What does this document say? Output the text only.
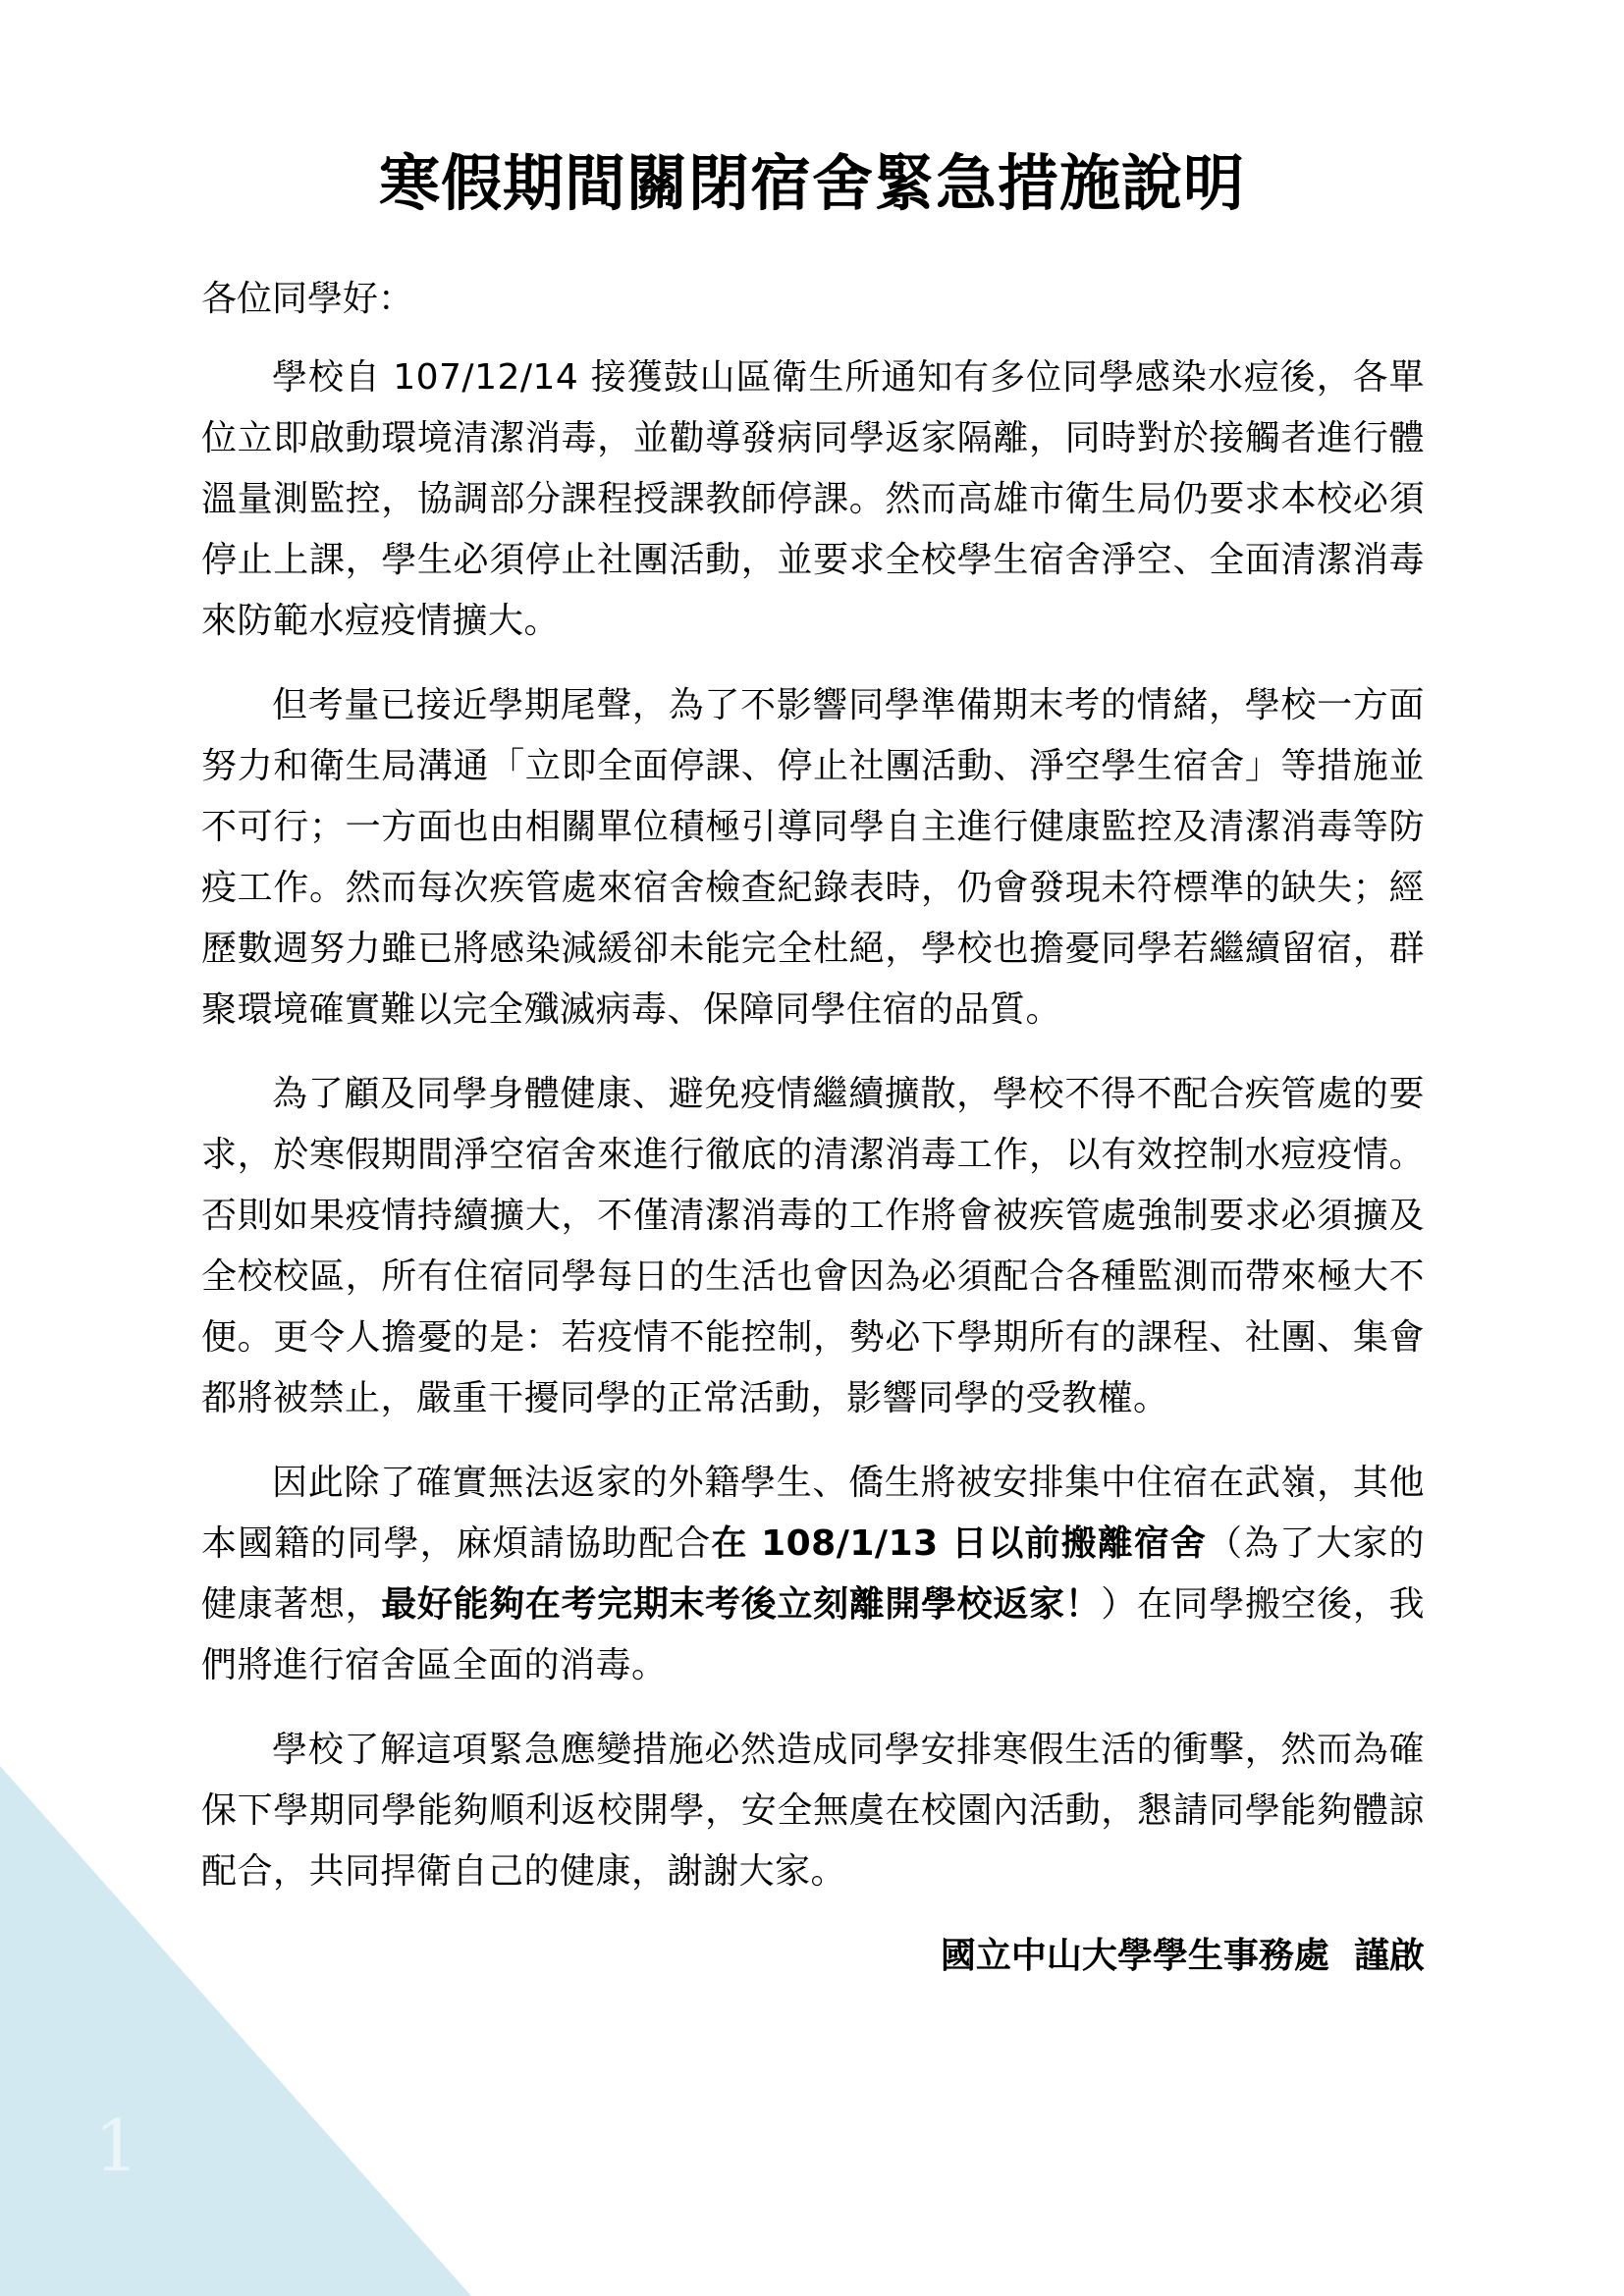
1
寒假期間關閉宿舍緊急措施說明

各位同學好：

學校自 107/12/14 接獲鼓山區衛生所通知有多位同學感染水痘後，各單位立即啟動環境清潔消毒，並勸導發病同學返家隔離，同時對於接觸者進行體溫量測監控，協調部分課程授課教師停課。然而高雄市衛生局仍要求本校必須停止上課，學生必須停止社團活動，並要求全校學生宿舍淨空、全面清潔消毒來防範水痘疫情擴大。

但考量已接近學期尾聲，為了不影響同學準備期末考的情緒，學校一方面努力和衛生局溝通「立即全面停課、停止社團活動、淨空學生宿舍」等措施並不可行；一方面也由相關單位積極引導同學自主進行健康監控及清潔消毒等防疫工作。然而每次疾管處來宿舍檢查紀錄表時，仍會發現未符標準的缺失；經歷數週努力雖已將感染減緩卻未能完全杜絕，學校也擔憂同學若繼續留宿，群聚環境確實難以完全殲滅病毒、保障同學住宿的品質。

為了顧及同學身體健康、避免疫情繼續擴散，學校不得不配合疾管處的要求，於寒假期間淨空宿舍來進行徹底的清潔消毒工作，以有效控制水痘疫情。否則如果疫情持續擴大，不僅清潔消毒的工作將會被疾管處強制要求必須擴及全校校區，所有住宿同學每日的生活也會因為必須配合各種監測而帶來極大不便。更令人擔憂的是：若疫情不能控制，勢必下學期所有的課程、社團、集會都將被禁止，嚴重干擾同學的正常活動，影響同學的受教權。

因此除了確實無法返家的外籍學生、僑生將被安排集中住宿在武嶺，其他本國籍的同學，麻煩請協助配合在 108/1/13 日以前搬離宿舍（為了大家的健康著想，最好能夠在考完期末考後立刻離開學校返家！）在同學搬空後，我們將進行宿舍區全面的消毒。

學校了解這項緊急應變措施必然造成同學安排寒假生活的衝擊，然而為確保下學期同學能夠順利返校開學，安全無虞在校園內活動，懇請同學能夠體諒配合，共同捍衛自己的健康，謝謝大家。

國立中山大學學生事務處  謹啟
